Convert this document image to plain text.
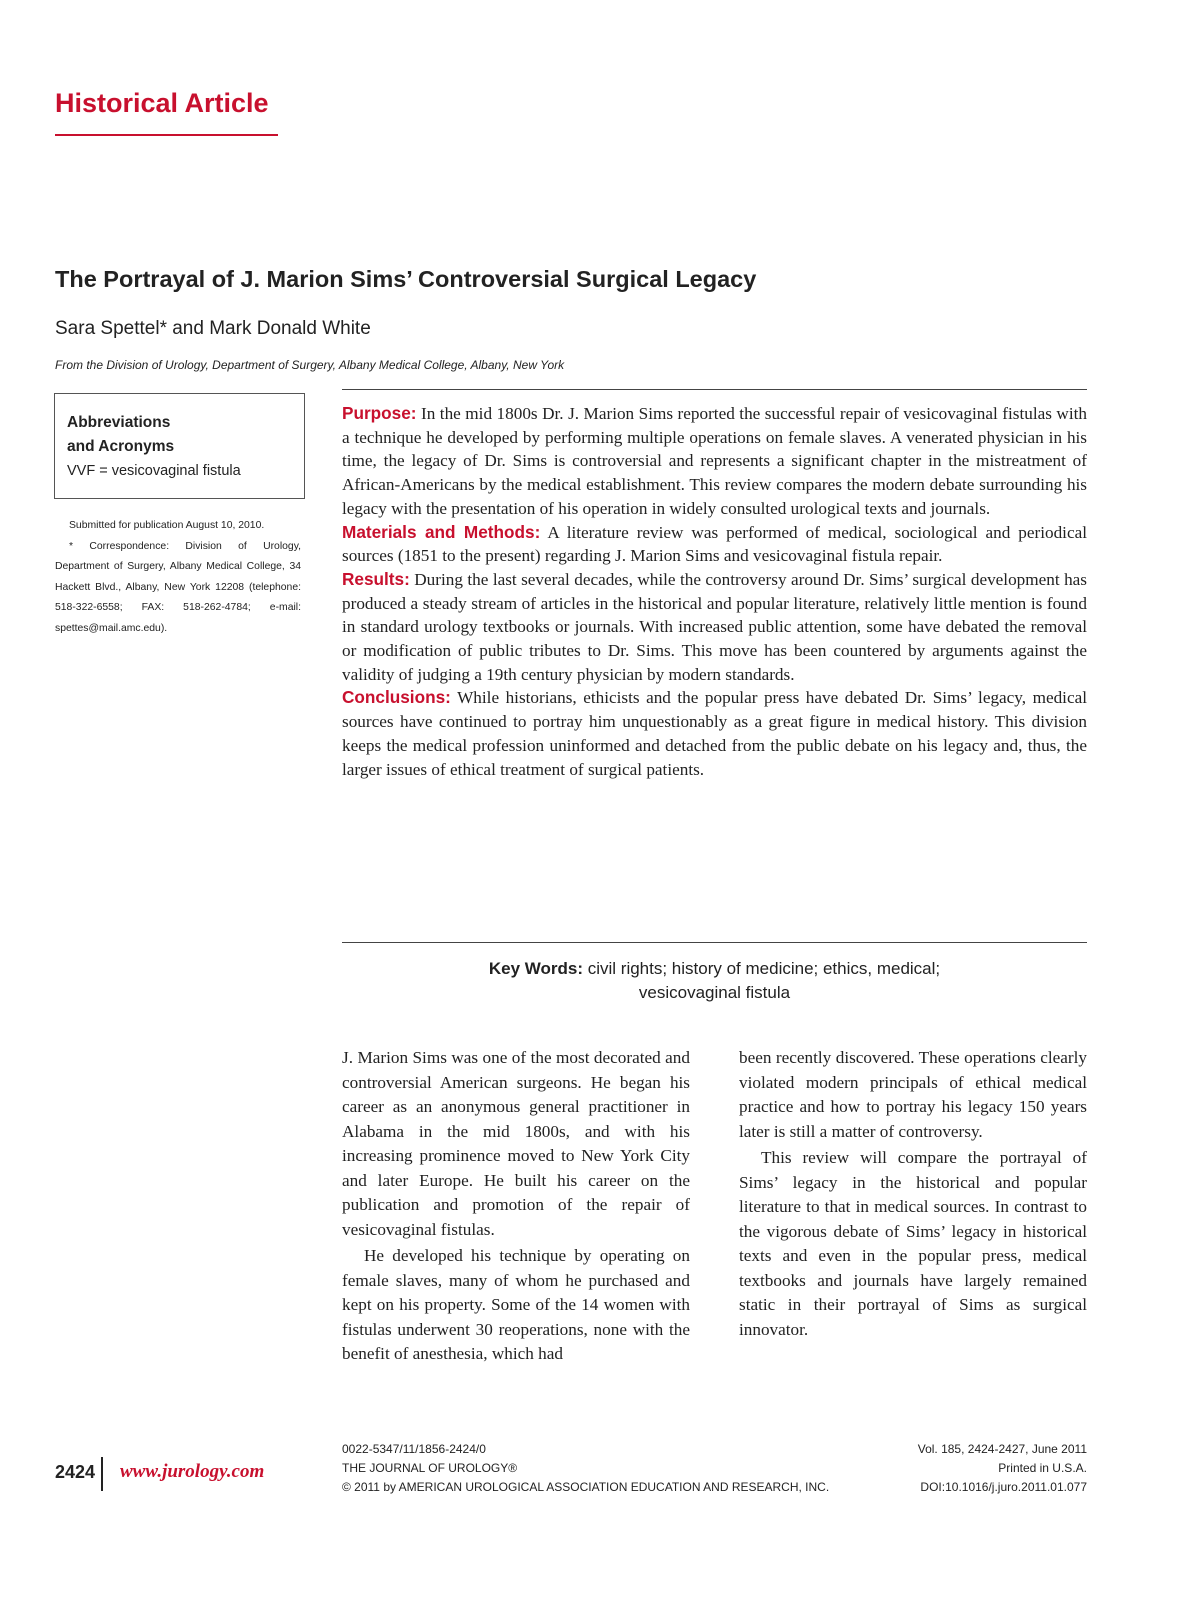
Historical Article
The Portrayal of J. Marion Sims’ Controversial Surgical Legacy
Sara Spettel* and Mark Donald White
From the Division of Urology, Department of Surgery, Albany Medical College, Albany, New York
Abbreviations
and Acronyms
VVF = vesicovaginal fistula

Submitted for publication August 10, 2010.

* Correspondence: Division of Urology, Department of Surgery, Albany Medical College, 34 Hackett Blvd., Albany, New York 12208 (telephone: 518-322-6558; FAX: 518-262-4784; e-mail: spettes@mail.amc.edu).

Purpose: In the mid 1800s Dr. J. Marion Sims reported the successful repair of vesicovaginal fistulas with a technique he developed by performing multiple operations on female slaves. A venerated physician in his time, the legacy of Dr. Sims is controversial and represents a significant chapter in the mistreatment of African-Americans by the medical establishment. This review compares the modern debate surrounding his legacy with the presentation of his operation in widely consulted urological texts and journals.

Materials and Methods: A literature review was performed of medical, sociological and periodical sources (1851 to the present) regarding J. Marion Sims and vesicovaginal fistula repair.

Results: During the last several decades, while the controversy around Dr. Sims’ surgical development has produced a steady stream of articles in the historical and popular literature, relatively little mention is found in standard urology textbooks or journals. With increased public attention, some have debated the removal or modification of public tributes to Dr. Sims. This move has been countered by arguments against the validity of judging a 19th century physician by modern standards.

Conclusions: While historians, ethicists and the popular press have debated Dr. Sims’ legacy, medical sources have continued to portray him unquestionably as a great figure in medical history. This division keeps the medical profession uninformed and detached from the public debate on his legacy and, thus, the larger issues of ethical treatment of surgical patients.

Key Words: civil rights; history of medicine; ethics, medical;
vesicovaginal fistula

J. Marion Sims was one of the most decorated and controversial American surgeons. He began his career as an anonymous general practitioner in Alabama in the mid 1800s, and with his increasing prominence moved to New York City and later Europe. He built his career on the publication and promotion of the repair of vesicovaginal fistulas.

He developed his technique by operating on female slaves, many of whom he purchased and kept on his property. Some of the 14 women with fistulas underwent 30 reoperations, none with the benefit of anesthesia, which had

been recently discovered. These operations clearly violated modern principals of ethical medical practice and how to portray his legacy 150 years later is still a matter of controversy.

This review will compare the portrayal of Sims’ legacy in the historical and popular literature to that in medical sources. In contrast to the vigorous debate of Sims’ legacy in historical texts and even in the popular press, medical textbooks and journals have largely remained static in their portrayal of Sims as surgical innovator.

2424 www.jurology.com
0022-5347/11/1856-2424/0
THE JOURNAL OF UROLOGY®
© 2011 by AMERICAN UROLOGICAL ASSOCIATION EDUCATION AND RESEARCH, INC.
Vol. 185, 2424-2427, June 2011
Printed in U.S.A.
DOI:10.1016/j.juro.2011.01.077
